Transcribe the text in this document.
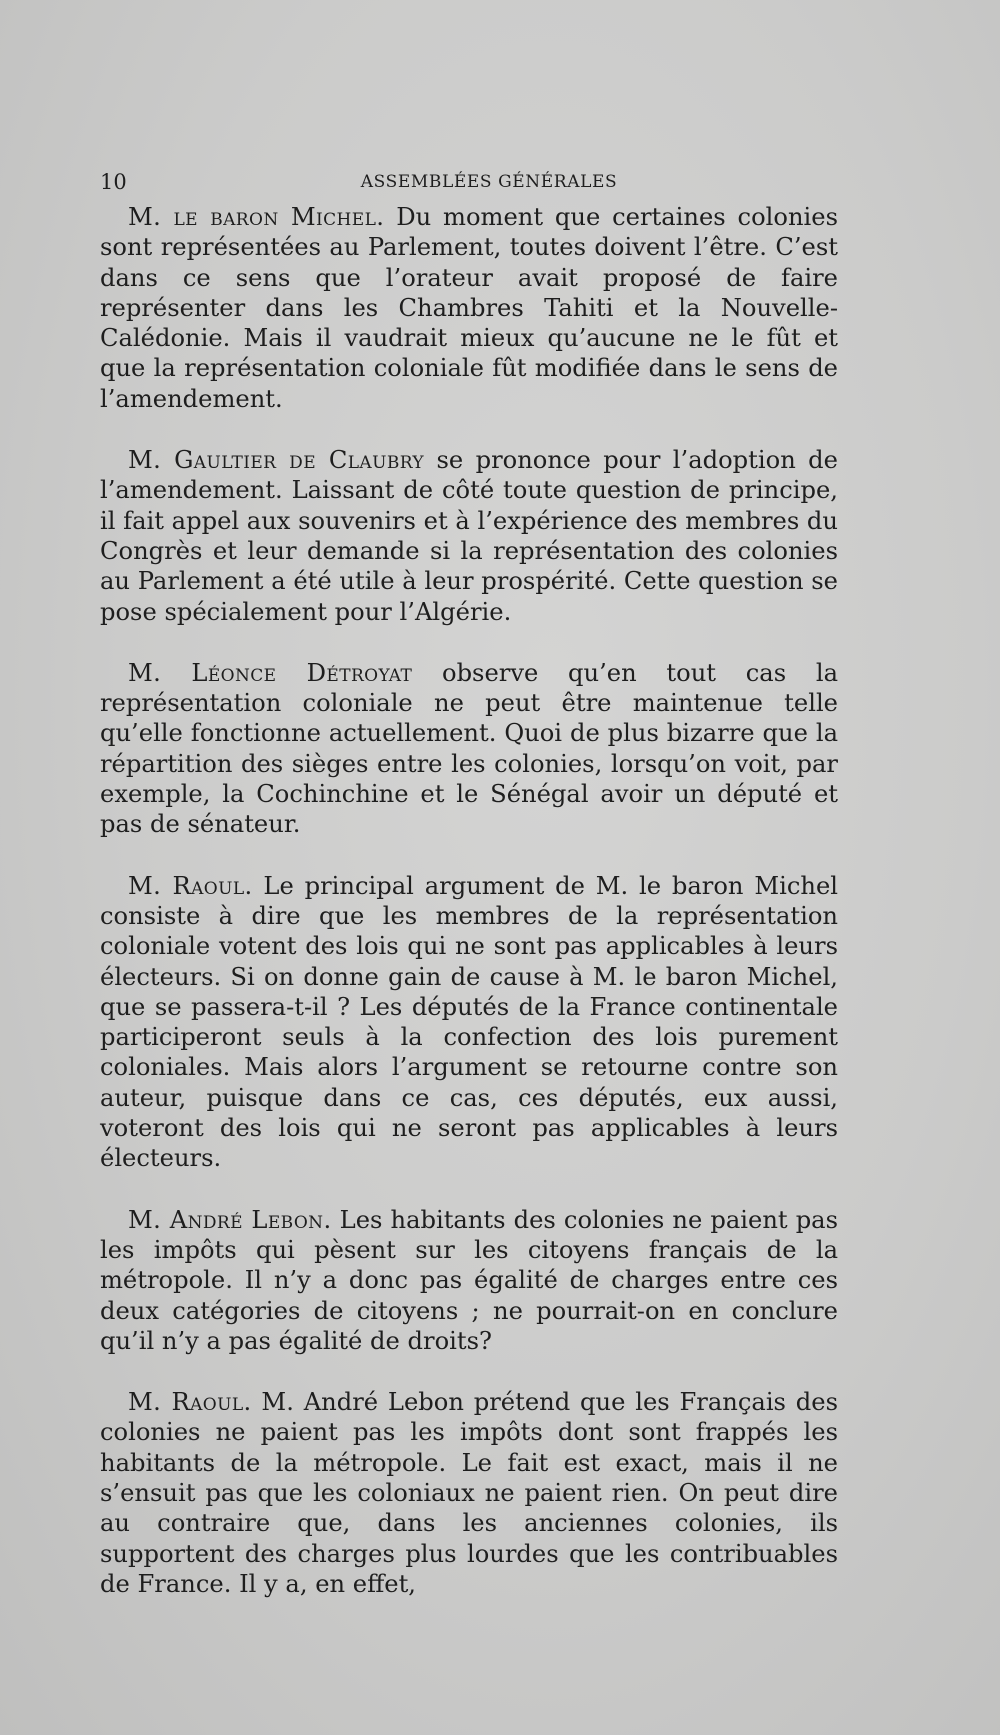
10	ASSEMBLÉES GÉNÉRALES

M. le baron Michel. Du moment que certaines colonies sont représentées au Parlement, toutes doivent l’être. C’est dans ce sens que l’orateur avait proposé de faire représenter dans les Chambres Tahiti et la Nouvelle-Calédonie. Mais il vaudrait mieux qu’aucune ne le fût et que la représentation coloniale fût modifiée dans le sens de l’amendement.

M. Gaultier de Claubry se prononce pour l’adoption de l’amendement. Laissant de côté toute question de principe, il fait appel aux souvenirs et à l’expérience des membres du Congrès et leur demande si la représentation des colonies au Parlement a été utile à leur prospérité. Cette question se pose spécialement pour l’Algérie.

M. Léonce Détroyat observe qu’en tout cas la représentation coloniale ne peut être maintenue telle qu’elle fonctionne actuellement. Quoi de plus bizarre que la répartition des sièges entre les colonies, lorsqu’on voit, par exemple, la Cochinchine et le Sénégal avoir un député et pas de sénateur.

M. Raoul. Le principal argument de M. le baron Michel consiste à dire que les membres de la représentation coloniale votent des lois qui ne sont pas applicables à leurs électeurs. Si on donne gain de cause à M. le baron Michel, que se passera-t-il ? Les députés de la France continentale participeront seuls à la confection des lois purement coloniales. Mais alors l’argument se retourne contre son auteur, puisque dans ce cas, ces députés, eux aussi, voteront des lois qui ne seront pas applicables à leurs électeurs.

M. André Lebon. Les habitants des colonies ne paient pas les impôts qui pèsent sur les citoyens français de la métropole. Il n’y a donc pas égalité de charges entre ces deux catégories de citoyens ; ne pourrait-on en conclure qu’il n’y a pas égalité de droits?

M. Raoul. M. André Lebon prétend que les Français des colonies ne paient pas les impôts dont sont frappés les habitants de la métropole. Le fait est exact, mais il ne s’ensuit pas que les coloniaux ne paient rien. On peut dire au contraire que, dans les anciennes colonies, ils supportent des charges plus lourdes que les contribuables de France. Il y a, en effet,
